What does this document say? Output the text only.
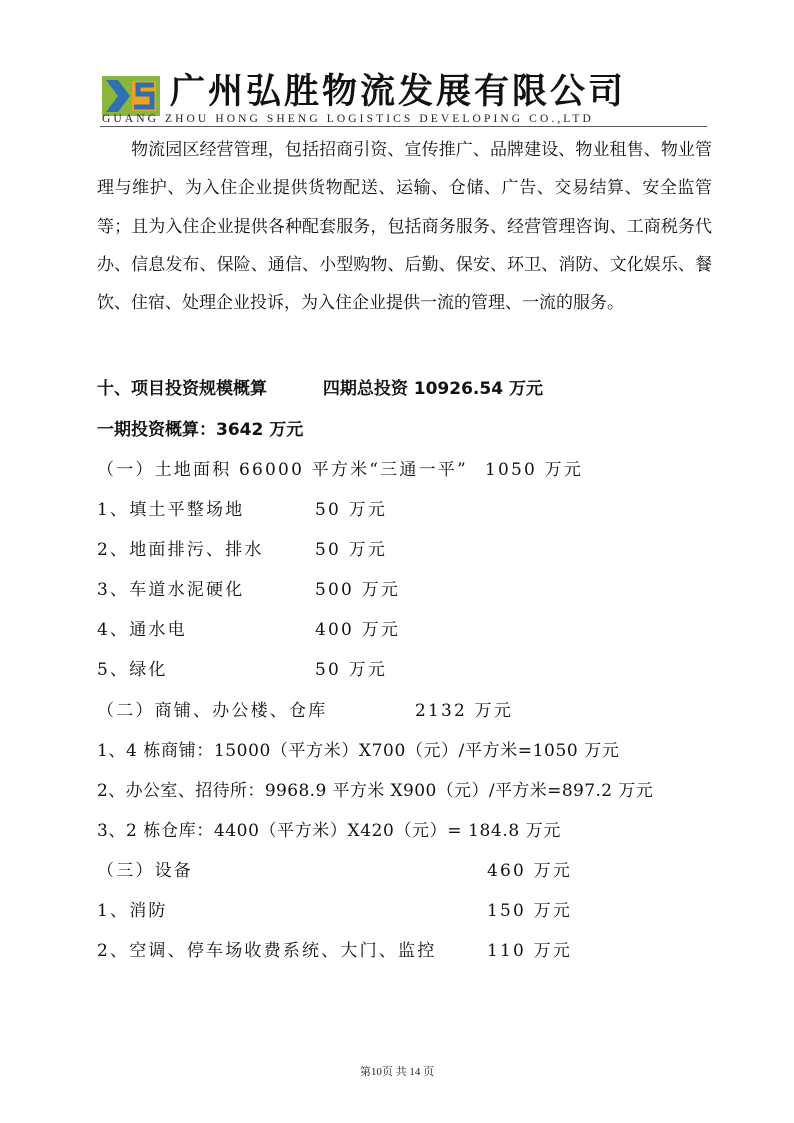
广州弘胜物流发展有限公司
GUANG ZHOU HONG SHENG LOGISTICS DEVELOPING CO.,LTD
物流园区经营管理，包括招商引资、宣传推广、品牌建设、物业租售、物业管理与维护、为入住企业提供货物配送、运输、仓储、广告、交易结算、安全监管等；且为入住企业提供各种配套服务，包括商务服务、经营管理咨询、工商税务代办、信息发布、保险、通信、小型购物、后勤、保安、环卫、消防、文化娱乐、餐饮、住宿、处理企业投诉，为入住企业提供一流的管理、一流的服务。
十、项目投资规模概算	四期总投资 10926.54 万元
一期投资概算：3642 万元
（一）土地面积 66000 平方米“三通一平” 1050 万元
1、填土平整场地	50 万元
2、地面排污、排水	50 万元
3、车道水泥硬化	500 万元
4、通水电	400 万元
5、绿化	50 万元
（二）商铺、办公楼、仓库	2132 万元
1、4 栋商铺：15000（平方米）X700（元）/平方米=1050 万元
2、办公室、招待所：9968.9 平方米 X900（元）/平方米=897.2 万元
3、2 栋仓库：4400（平方米）X420（元）= 184.8 万元
（三）设备	460 万元
1、消防	150 万元
2、空调、停车场收费系统、大门、监控	110 万元
第10页 共 14 页
